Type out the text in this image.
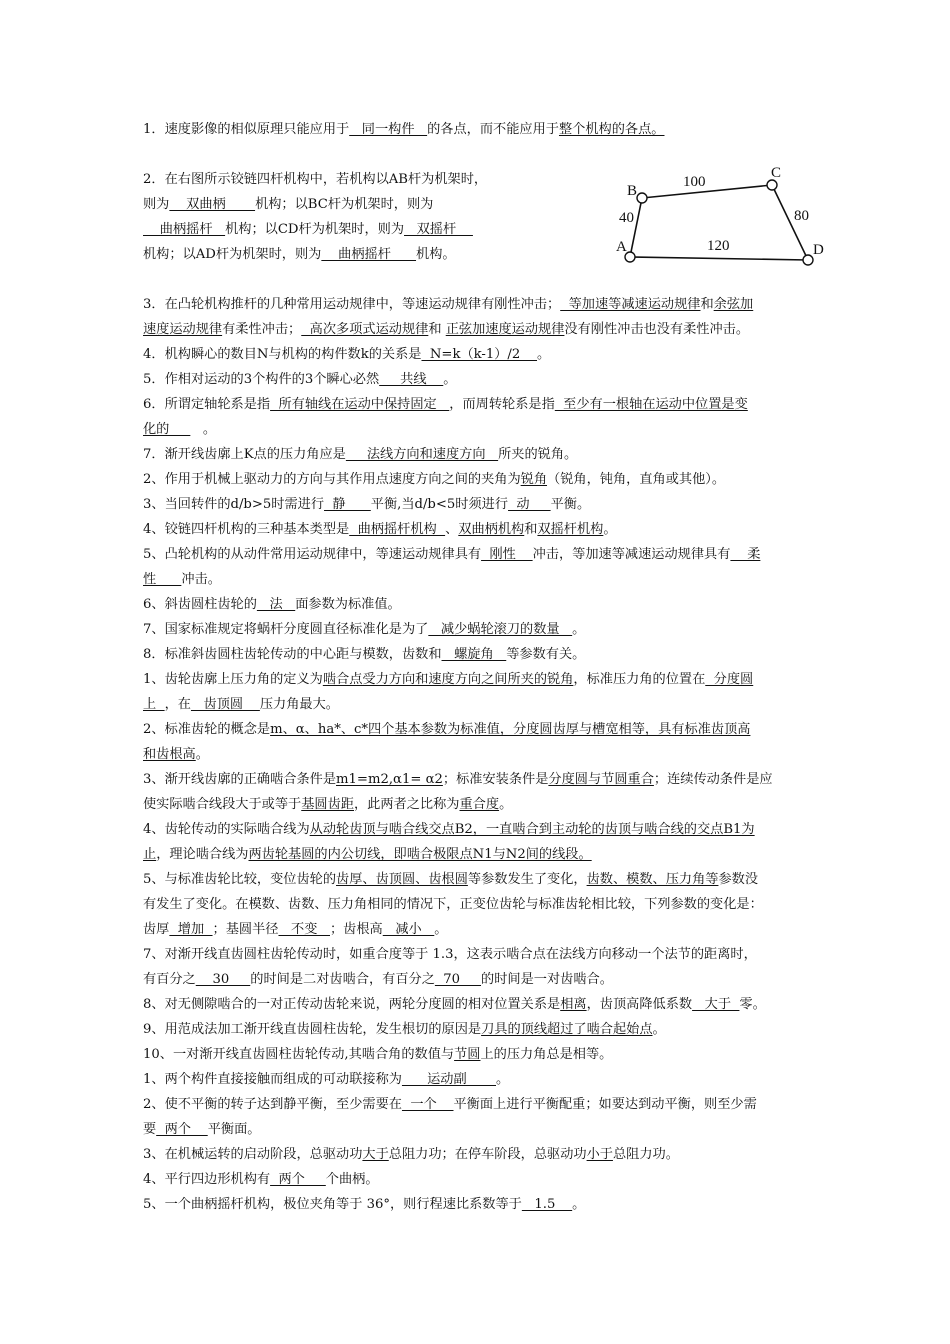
1．速度影像的相似原理只能应用于   同一构件   的各点，而不能应用于整个机构的各点。
2．在右图所示铰链四杆机构中，若机构以AB杆为机架时，
则为    双曲柄       机构；以BC杆为机架时，则为
曲柄摇杆   机构；以CD杆为机架时，则为   双摇杆
机构；以AD杆为机架时，则为    曲柄摇杆      机构。
3．在凸轮机构推杆的几种常用运动规律中，等速运动规律有刚性冲击；  等加速等减速运动规律和余弦加
速度运动规律有柔性冲击；  高次多项式运动规律和 正弦加速度运动规律没有刚性冲击也没有柔性冲击。
4．机构瞬心的数目N与机构的构件数k的关系是  N=k（k-1）/2    。
5．作相对运动的3个构件的3个瞬心必然     共线    。
6．所谓定轴轮系是指  所有轴线在运动中保持固定   ，而周转轮系是指  至少有一根轴在运动中位置是变
化的        。
7．渐开线齿廓上K点的压力角应是     法线方向和速度方向   所夹的锐角。
2、作用于机械上驱动力的方向与其作用点速度方向之间的夹角为锐角（锐角，钝角，直角或其他）。
3、当回转件的d/b>5时需进行  静      平衡,当d/b<5时须进行  动     平衡。
4、铰链四杆机构的三种基本类型是  曲柄摇杆机构  、双曲柄机构和双摇杆机构。
5、凸轮机构的从动件常用运动规律中，等速运动规律具有  刚性    冲击，等加速等减速运动规律具有    柔
性      冲击。
6、斜齿圆柱齿轮的   法   面参数为标准值。
7、国家标准规定将蜗杆分度圆直径标准化是为了   减少蜗轮滚刀的数量   。
8．标准斜齿圆柱齿轮传动的中心距与模数，齿数和   螺旋角   等参数有关。
1、齿轮齿廓上压力角的定义为啮合点受力方向和速度方向之间所夹的锐角，标准压力角的位置在  分度圆
上  ，在   齿顶圆    压力角最大。
2、标准齿轮的概念是m、α、ha*、c*四个基本参数为标准值，分度圆齿厚与槽宽相等，具有标准齿顶高
和齿根高。
3、渐开线齿廓的正确啮合条件是m1=m2,α1= α2；标准安装条件是分度圆与节圆重合；连续传动条件是应
使实际啮合线段大于或等于基圆齿距，此两者之比称为重合度。
4、齿轮传动的实际啮合线为从动轮齿顶与啮合线交点B2，一直啮合到主动轮的齿顶与啮合线的交点B1为
止，理论啮合线为两齿轮基圆的内公切线，即啮合极限点N1与N2间的线段。
5、与标准齿轮比较，变位齿轮的齿厚、齿顶圆、齿根圆等参数发生了变化，齿数、模数、压力角等参数没
有发生了变化。在模数、齿数、压力角相同的情况下，正变位齿轮与标准齿轮相比较，下列参数的变化是：
齿厚  增加  ；基圆半径   不变   ；齿根高   减小   。
7、对渐开线直齿圆柱齿轮传动时，如重合度等于 1.3，这表示啮合点在法线方向移动一个法节的距离时，
有百分之    30     的时间是二对齿啮合，有百分之  70     的时间是一对齿啮合。
8、对无侧隙啮合的一对正传动齿轮来说，两轮分度圆的相对位置关系是相离，齿顶高降低系数   大于  零。
9、用范成法加工渐开线直齿圆柱齿轮，发生根切的原因是刀具的顶线超过了啮合起始点。
10、一对渐开线直齿圆柱齿轮传动,其啮合角的数值与节圆上的压力角总是相等。
1、两个构件直接接触而组成的可动联接称为      运动副       。
2、使不平衡的转子达到静平衡，至少需要在  一个    平衡面上进行平衡配重；如要达到动平衡，则至少需
要  两个    平衡面。
3、在机械运转的启动阶段，总驱动功大于总阻力功；在停车阶段，总驱动功小于总阻力功。
4、平行四边形机构有  两个     个曲柄。
5、一个曲柄摇杆机构，极位夹角等于 36°，则行程速比系数等于   1.5    。
B
C
A	D
40
100
80
120
